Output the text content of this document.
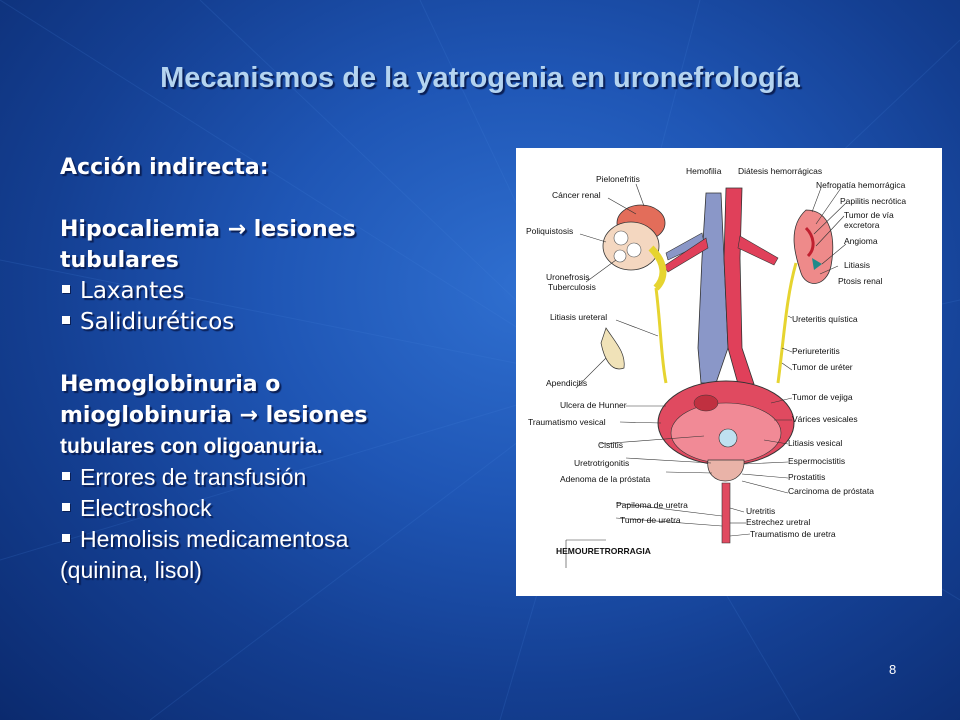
Mecanismos de la yatrogenia en uronefrología
Acción indirecta:
Hipocaliemia → lesiones
tubulares
Laxantes
Salidiuréticos
Hemoglobinuria o
mioglobinuria → lesiones
tubulares con oligoanuria.
Errores de transfusión
Electroshock
Hemolisis medicamentosa
(quinina, lisol)
Pielonefritis
Cáncer renal
Poliquistosis
Uronefrosis
Tuberculosis
Litiasis ureteral
Apendicitis
Ulcera de Hunner
Traumatismo vesical
Cistitis
Uretrotrigonitis
Adenoma de la próstata
Papiloma de uretra
Tumor de uretra
HEMOURETRORRAGIA
Hemofilia Diátesis hemorrágicas
Nefropatía hemorrágica
Papilitis necrótica
Tumor de vía
excretora
Angioma
Litiasis
Ptosis renal
Ureteritis quística
Periureteritis
Tumor de uréter
Tumor de vejiga
Várices vesicales
Litiasis vesical
Espermocistitis
Prostatitis
Carcinoma de próstata
Uretritis
Estrechez uretral
Traumatismo de uretra
8
